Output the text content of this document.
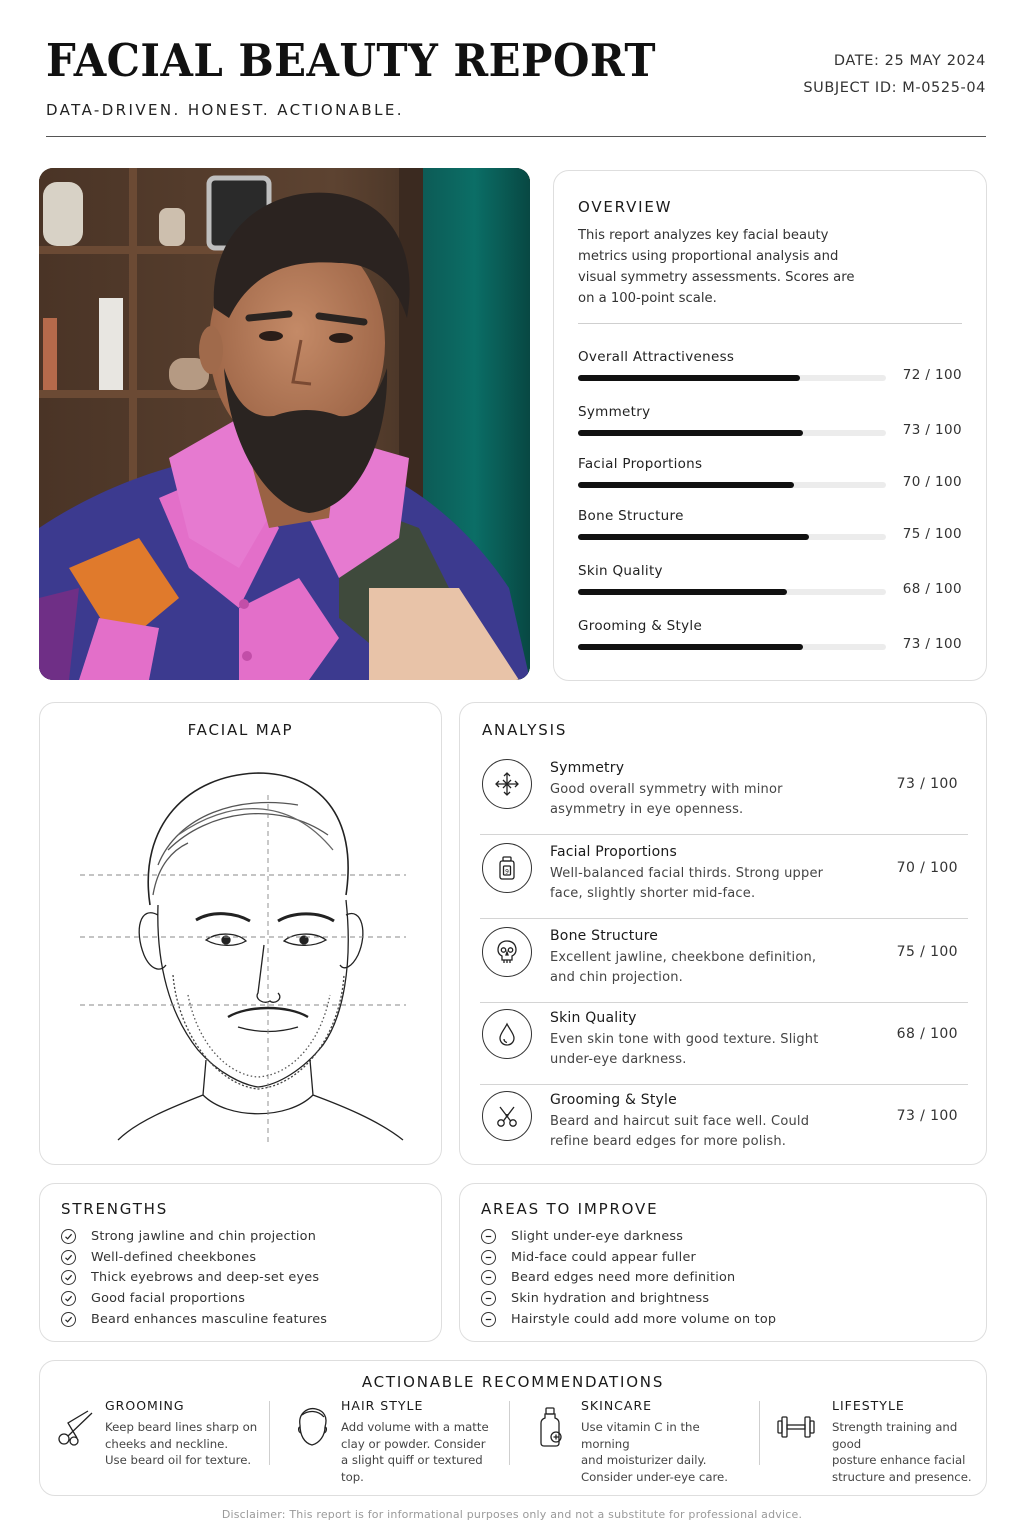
FACIAL BEAUTY REPORT
DATA-DRIVEN. HONEST. ACTIONABLE.
DATE: 25 MAY 2024
SUBJECT ID: M-0525-04
OVERVIEW
This report analyzes key facial beauty metrics using proportional analysis and visual symmetry assessments. Scores are on a 100-point scale.
Overall Attractiveness
72 / 100
Symmetry
73 / 100
Facial Proportions
70 / 100
Bone Structure
75 / 100
Skin Quality
68 / 100
Grooming & Style
73 / 100
FACIAL MAP	ANALYSIS
Symmetry
Good overall symmetry with minor asymmetry in eye openness.
73 / 100
9
Facial Proportions
Well-balanced facial thirds. Strong upper face, slightly shorter mid-face.
70 / 100
Bone Structure
Excellent jawline, cheekbone definition, and chin projection.
75 / 100
Skin Quality
Even skin tone with good texture. Slight under-eye darkness.
68 / 100
Grooming & Style
Beard and haircut suit face well. Could refine beard edges for more polish.
73 / 100
STRENGTHS
Strong jawline and chin projection
Well-defined cheekbones
Thick eyebrows and deep-set eyes
Good facial proportions
Beard enhances masculine features
AREAS TO IMPROVE
Slight under-eye darkness
Mid-face could appear fuller
Beard edges need more definition
Skin hydration and brightness
Hairstyle could add more volume on top
ACTIONABLE RECOMMENDATIONS
GROOMING
Keep beard lines sharp on
cheeks and neckline.
Use beard oil for texture.
HAIR STYLE
Add volume with a matte
clay or powder. Consider
a slight quiff or textured top.
SKINCARE
Use vitamin C in the morning
and moisturizer daily.
Consider under-eye care.
LIFESTYLE
Strength training and good
posture enhance facial
structure and presence.
Disclaimer: This report is for informational purposes only and not a substitute for professional advice.
